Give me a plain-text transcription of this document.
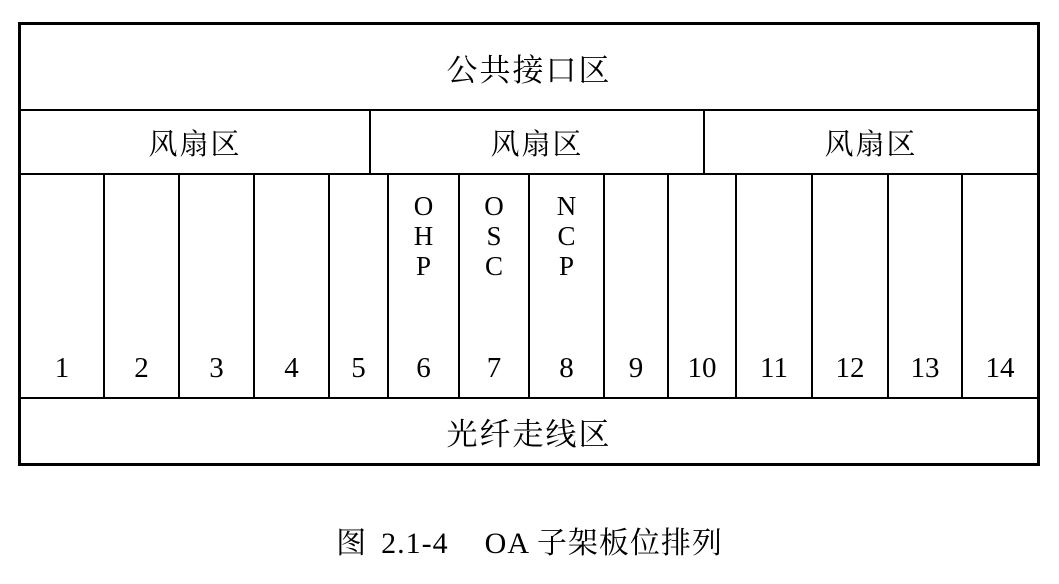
公共接口区
风扇区	风扇区	风扇区
1 2 3 4 5
O
H
P
6
O
S
C
7
N
C
P
8 9 10 11 12 13 14
光纤走线区
图 2.1-4 OA 子架板位排列
